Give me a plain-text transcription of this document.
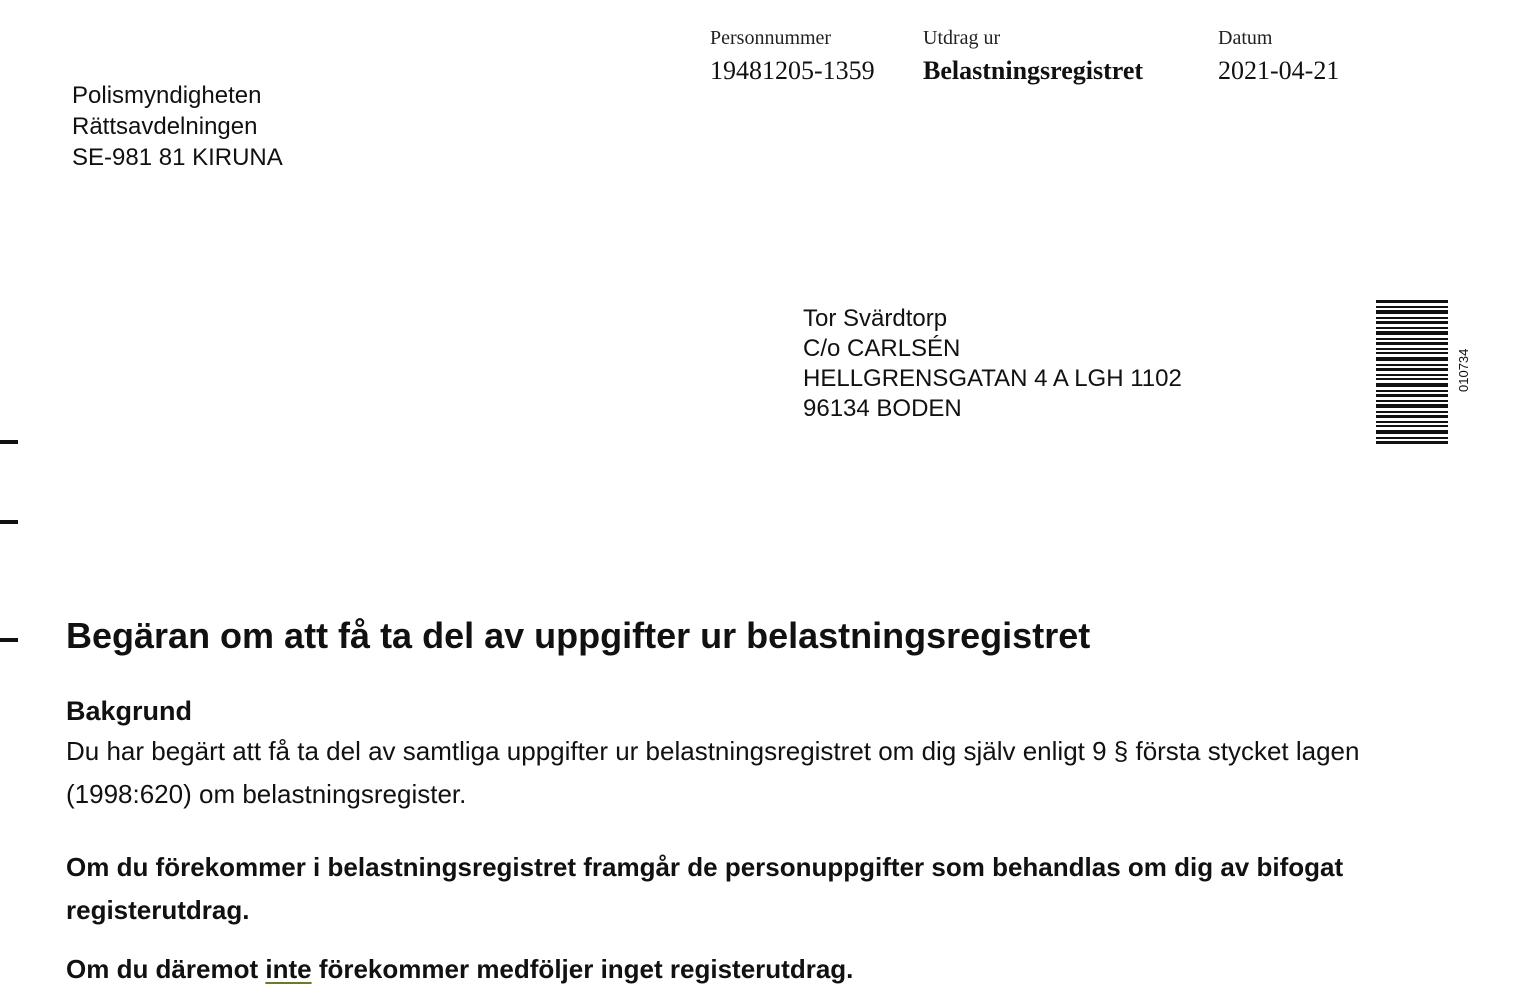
Personnummer
19481205-1359
Utdrag ur
Belastningsregistret
Datum
2021-04-21
Polismyndigheten
Rättsavdelningen
SE-981 81 KIRUNA
Tor Svärdtorp
C/o CARLSÉN
HELLGRENSGATAN 4 A LGH 1102
96134 BODEN
010734
Begäran om att få ta del av uppgifter ur belastningsregistret
Bakgrund

Du har begärt att få ta del av samtliga uppgifter ur belastningsregistret om dig själv enligt 9 § första stycket lagen (1998:620) om belastningsregister.

Om du förekommer i belastningsregistret framgår de personuppgifter som behandlas om dig av bifogat registerutdrag.

Om du däremot inte förekommer medföljer inget registerutdrag.
